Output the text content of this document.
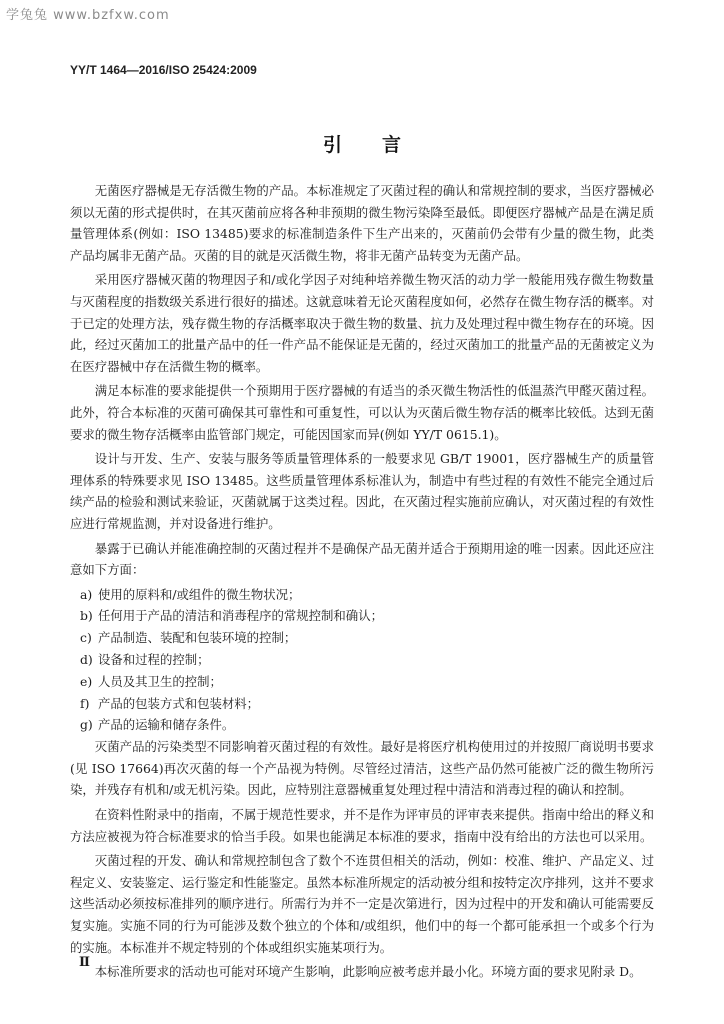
学兔兔 www.bzfxw.com
YY/T 1464—2016/ISO 25424:2009
引言

无菌医疗器械是无存活微生物的产品。本标准规定了灭菌过程的确认和常规控制的要求，当医疗器械必须以无菌的形式提供时，在其灭菌前应将各种非预期的微生物污染降至最低。即便医疗器械产品是在满足质量管理体系(例如：ISO 13485)要求的标准制造条件下生产出来的，灭菌前仍会带有少量的微生物，此类产品均属非无菌产品。灭菌的目的就是灭活微生物，将非无菌产品转变为无菌产品。

采用医疗器械灭菌的物理因子和/或化学因子对纯种培养微生物灭活的动力学一般能用残存微生物数量与灭菌程度的指数级关系进行很好的描述。这就意味着无论灭菌程度如何，必然存在微生物存活的概率。对于已定的处理方法，残存微生物的存活概率取决于微生物的数量、抗力及处理过程中微生物存在的环境。因此，经过灭菌加工的批量产品中的任一件产品不能保证是无菌的，经过灭菌加工的批量产品的无菌被定义为在医疗器械中存在活微生物的概率。

满足本标准的要求能提供一个预期用于医疗器械的有适当的杀灭微生物活性的低温蒸汽甲醛灭菌过程。此外，符合本标准的灭菌可确保其可靠性和可重复性，可以认为灭菌后微生物存活的概率比较低。达到无菌要求的微生物存活概率由监管部门规定，可能因国家而异(例如 YY/T 0615.1)。

设计与开发、生产、安装与服务等质量管理体系的一般要求见 GB/T 19001，医疗器械生产的质量管理体系的特殊要求见 ISO 13485。这些质量管理体系标准认为，制造中有些过程的有效性不能完全通过后续产品的检验和测试来验证，灭菌就属于这类过程。因此，在灭菌过程实施前应确认，对灭菌过程的有效性应进行常规监测，并对设备进行维护。

暴露于已确认并能准确控制的灭菌过程并不是确保产品无菌并适合于预期用途的唯一因素。因此还应注意如下方面：

a) 使用的原料和/或组件的微生物状况；
b) 任何用于产品的清洁和消毒程序的常规控制和确认；
c) 产品制造、装配和包装环境的控制；
d) 设备和过程的控制；
e) 人员及其卫生的控制；
f) 产品的包装方式和包装材料；
g) 产品的运输和储存条件。

灭菌产品的污染类型不同影响着灭菌过程的有效性。最好是将医疗机构使用过的并按照厂商说明书要求(见 ISO 17664)再次灭菌的每一个产品视为特例。尽管经过清洁，这些产品仍然可能被广泛的微生物所污染，并残存有机和/或无机污染。因此，应特别注意器械重复处理过程中清洁和消毒过程的确认和控制。

在资料性附录中的指南，不属于规范性要求，并不是作为评审员的评审表来提供。指南中给出的释义和方法应被视为符合标准要求的恰当手段。如果也能满足本标准的要求，指南中没有给出的方法也可以采用。

灭菌过程的开发、确认和常规控制包含了数个不连贯但相关的活动，例如：校准、维护、产品定义、过程定义、安装鉴定、运行鉴定和性能鉴定。虽然本标准所规定的活动被分组和按特定次序排列，这并不要求这些活动必须按标准排列的顺序进行。所需行为并不一定是次第进行，因为过程中的开发和确认可能需要反复实施。实施不同的行为可能涉及数个独立的个体和/或组织，他们中的每一个都可能承担一个或多个行为的实施。本标准并不规定特别的个体或组织实施某项行为。

本标准所要求的活动也可能对环境产生影响，此影响应被考虑并最小化。环境方面的要求见附录 D。

Ⅱ
